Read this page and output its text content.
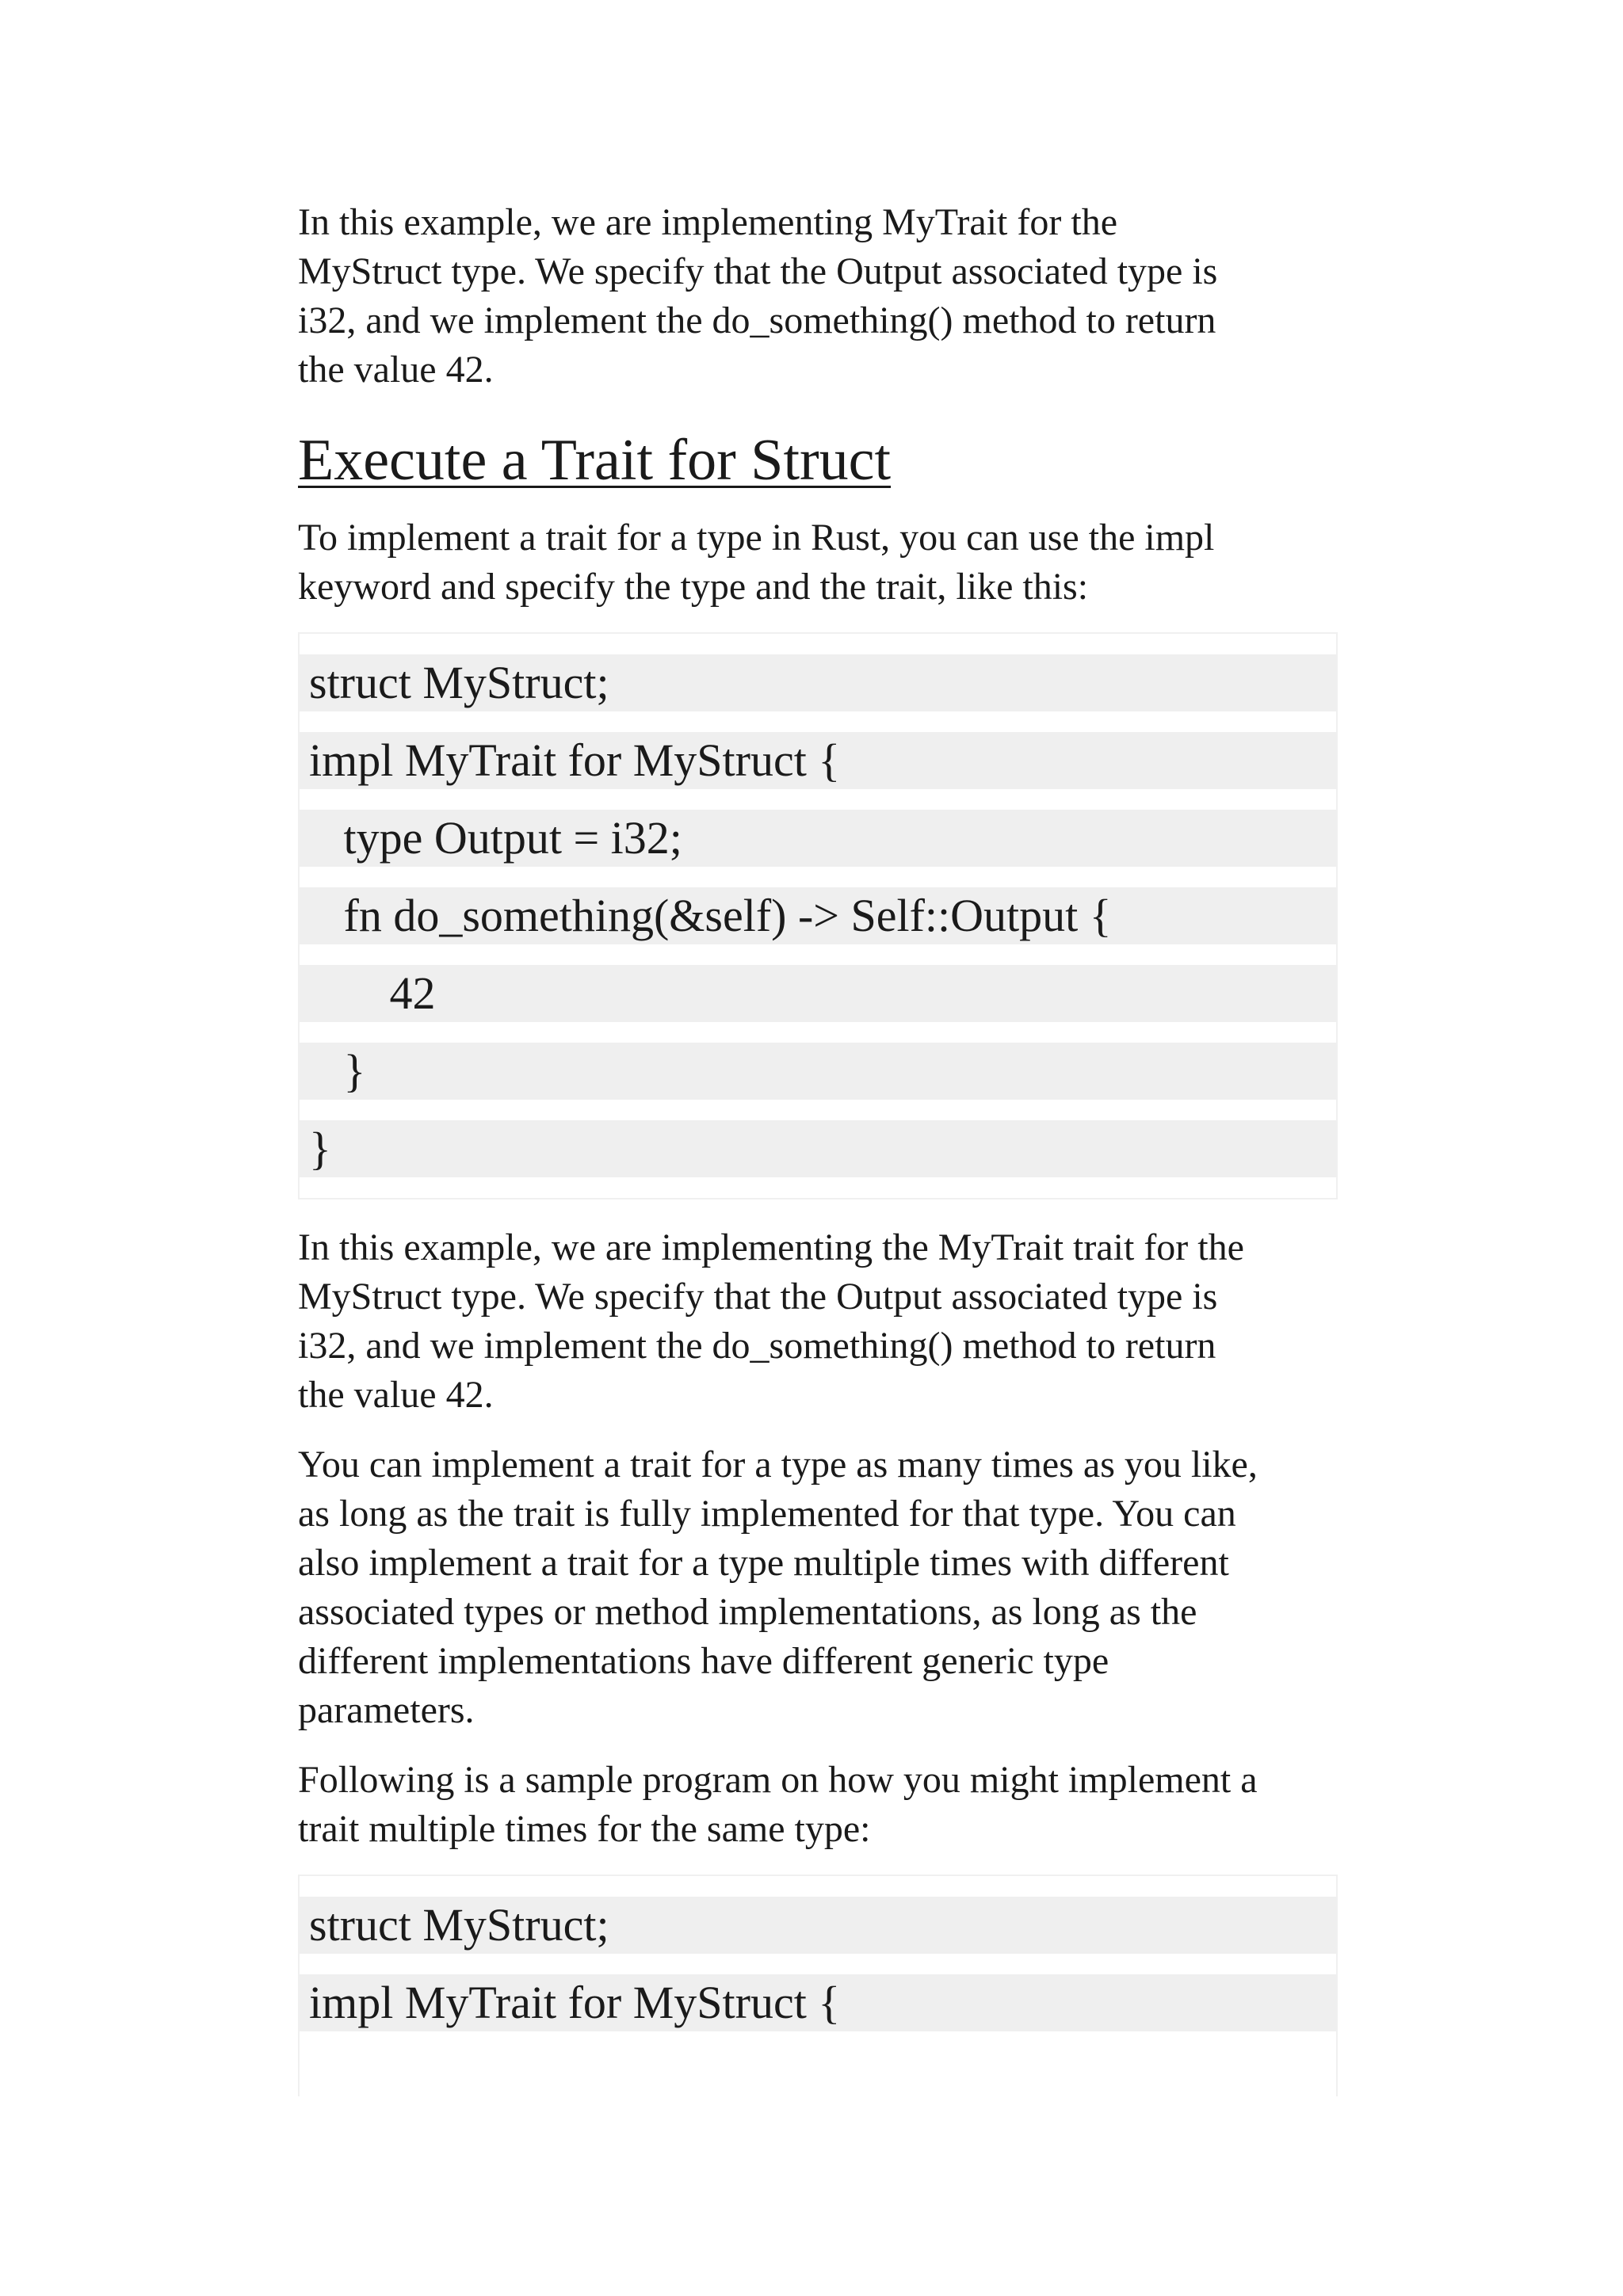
In this example, we are implementing MyTrait for the
MyStruct type. We specify that the Output associated type is
i32, and we implement the do_something() method to return
the value 42.
Execute a Trait for Struct
To implement a trait for a type in Rust, you can use the impl
keyword and specify the type and the trait, like this:
struct MyStruct;
impl MyTrait for MyStruct {
type Output = i32;
fn do_something(&self) -> Self::Output {
42
}
}
In this example, we are implementing the MyTrait trait for the
MyStruct type. We specify that the Output associated type is
i32, and we implement the do_something() method to return
the value 42.
You can implement a trait for a type as many times as you like,
as long as the trait is fully implemented for that type. You can
also implement a trait for a type multiple times with different
associated types or method implementations, as long as the
different implementations have different generic type
parameters.
Following is a sample program on how you might implement a
trait multiple times for the same type:
struct MyStruct;
impl MyTrait for MyStruct {
